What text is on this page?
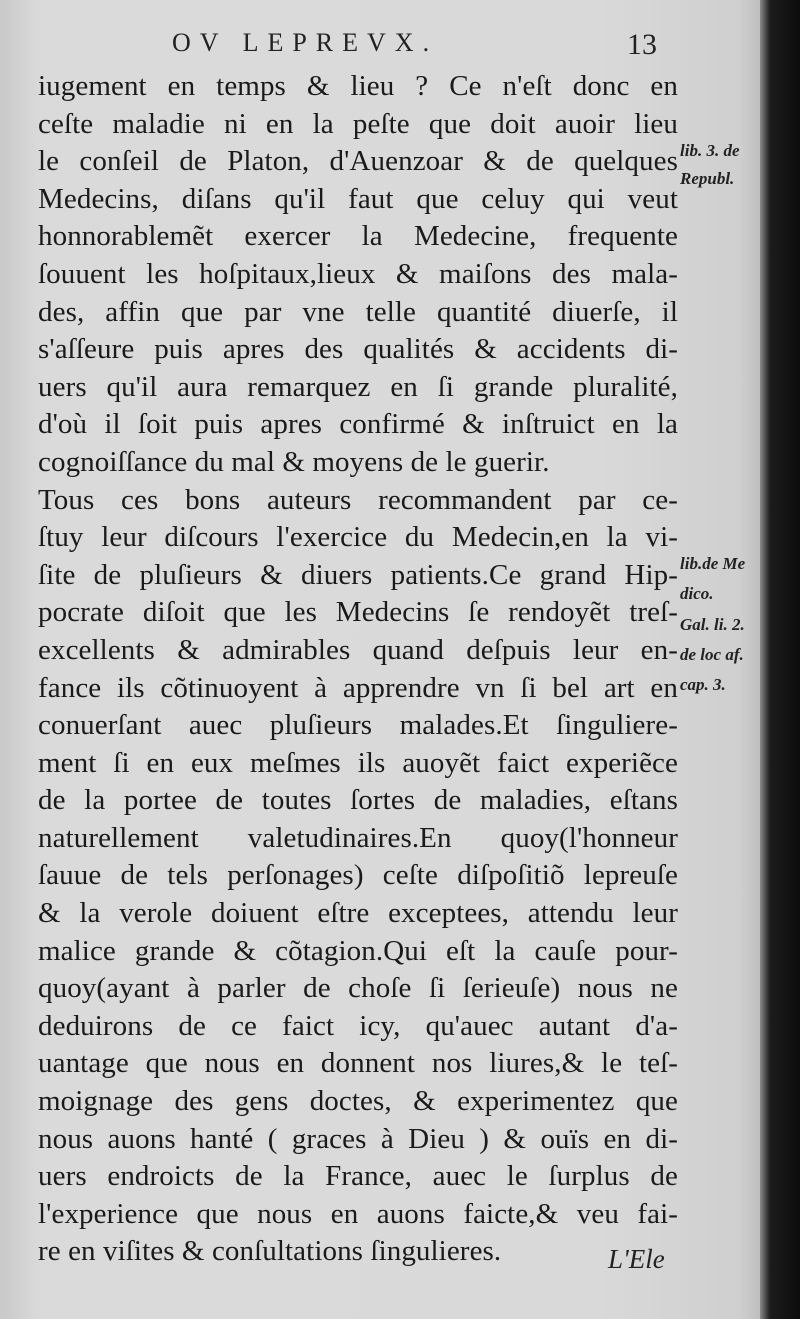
OV LEPREVX.	13
iugement en temps & lieu ? Ce n'eſt donc en
ceſte maladie ni en la peſte que doit auoir lieu
le conſeil de Platon, d'Auenzoar & de quelques
Medecins, diſans qu'il faut que celuy qui veut
honnorablemẽt exercer la Medecine, frequente
ſouuent les hoſpitaux,lieux & maiſons des mala-
des, affin que par vne telle quantité diuerſe, il
s'aſſeure puis apres des qualités & accidents di-
uers qu'il aura remarquez en ſi grande pluralité,
d'où il ſoit puis apres confirmé & inſtruict en la
cognoiſſance du mal & moyens de le guerir.
Tous ces bons auteurs recommandent par ce-
ſtuy leur diſcours l'exercice du Medecin,en la vi-
ſite de pluſieurs & diuers patients.Ce grand Hip-
pocrate diſoit que les Medecins ſe rendoyẽt treſ-
excellents & admirables quand deſpuis leur en-
fance ils cõtinuoyent à apprendre vn ſi bel art en
conuerſant auec pluſieurs malades.Et ſinguliere-
ment ſi en eux meſmes ils auoyẽt faict experiẽce
de la portee de toutes ſortes de maladies, eſtans
naturellement valetudinaires.En quoy(l'honneur
ſauue de tels perſonages) ceſte diſpoſitiõ lepreuſe
& la verole doiuent eſtre exceptees, attendu leur
malice grande & cõtagion.Qui eſt la cauſe pour-
quoy(ayant à parler de choſe ſi ſerieuſe) nous ne
deduirons de ce faict icy, qu'auec autant d'a-
uantage que nous en donnent nos liures,& le teſ-
moignage des gens doctes, & experimentez que
nous auons hanté ( graces à Dieu ) & ouïs en di-
uers endroicts de la France, auec le ſurplus de
l'experience que nous en auons faicte,& veu fai-
re en viſites & conſultations ſingulieres.
lib. 3. de
Republ.
lib.de Me
dico.
Gal. li. 2.
de loc af.
cap. 3.
L'Ele
